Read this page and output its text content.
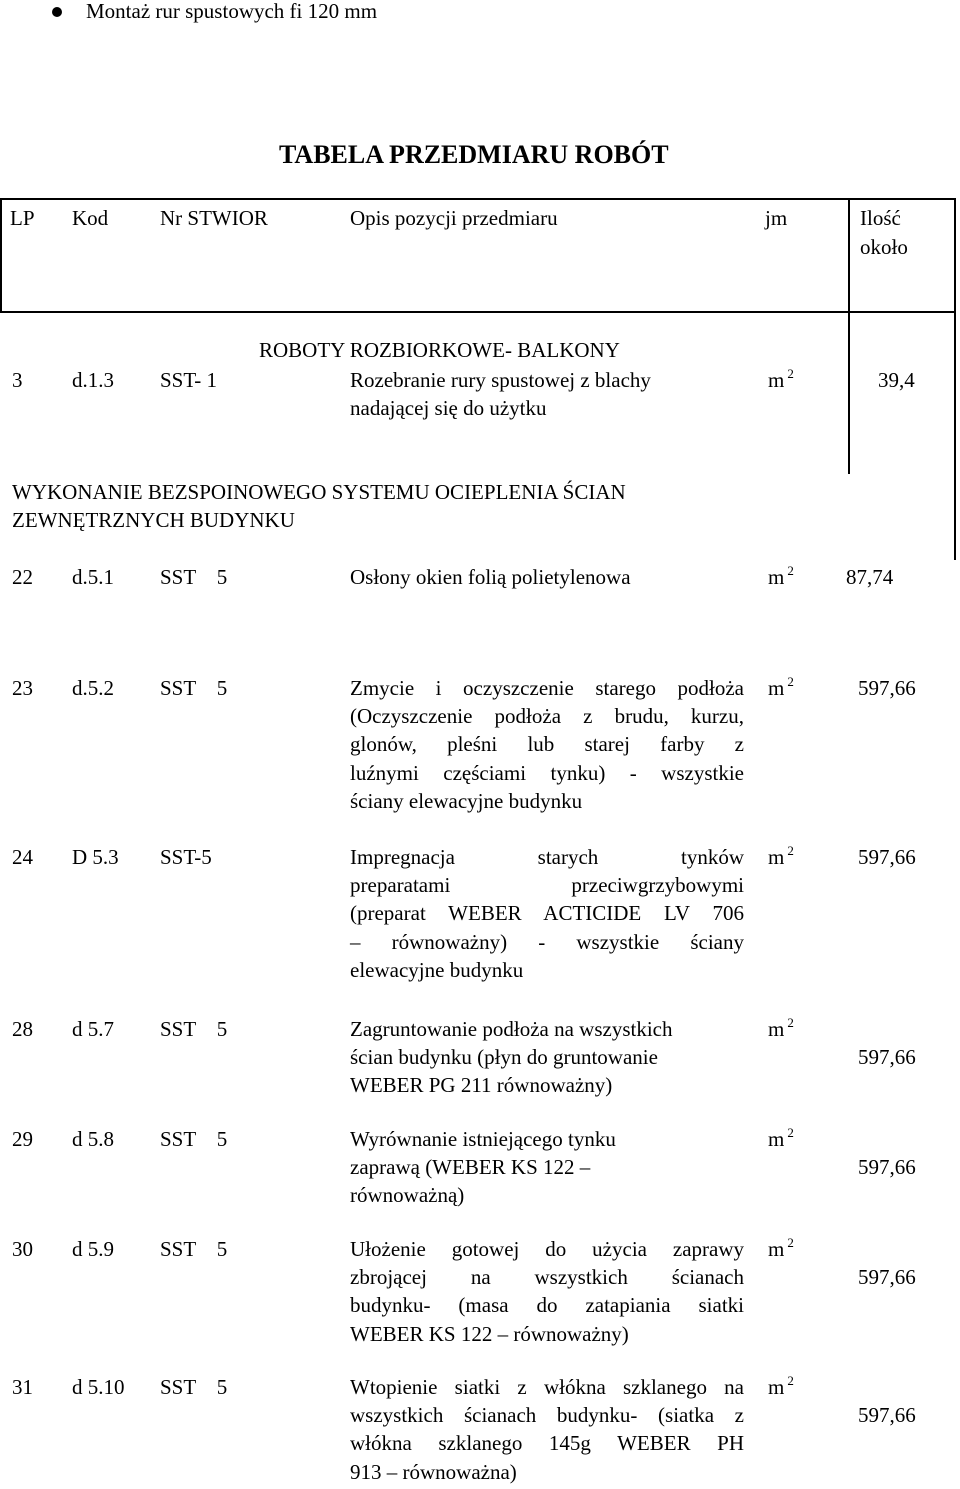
Montaż rur spustowych fi 120 mm
TABELA PRZEDMIARU ROBÓT
LP Kod Nr STWIOR	Opis pozycji przedmiaru	jm	Ilość
około
ROBOTY ROZBIORKOWE- BALKONY
3 d.1.3 SST- 1	Rozebranie rury spustowej z blachy
nadającej się do użytku
m $^2$	39,4
WYKONANIE BEZSPOINOWEGO SYSTEMU OCIEPLENIA ŚCIAN
ZEWNĘTRZNYCH BUDYNKU
22 d.5.1 SST    5	Osłony okien folią polietylenowa	m $^2$ 87,74
23 d.5.2 SST    5	Zmycie i oczyszczenie starego podłoża
(Oczyszczenie podłoża z brudu, kurzu,
glonów, pleśni lub starej farby z
luźnymi częściami tynku) - wszystkie
ściany elewacyjne budynku
m $^2$	597,66
24 D 5.3 SST-5	Impregnacja starych tynków
preparatami przeciwgrzybowymi
(preparat WEBER ACTICIDE LV 706
– równoważny) - wszystkie ściany
elewacyjne budynku
m $^2$	597,66
28 d 5.7 SST    5	Zagruntowanie podłoża na wszystkich
ścian budynku (płyn do gruntowanie
WEBER PG 211 równoważny)
m $^2$
597,66
29 d 5.8 SST    5	Wyrównanie istniejącego tynku
zaprawą (WEBER KS 122 –
równoważną)
m $^2$
597,66
30 d 5.9 SST    5	Ułożenie gotowej do użycia zaprawy
zbrojącej na wszystkich ścianach
budynku- (masa do zatapiania siatki
WEBER KS 122 – równoważny)
m $^2$
597,66
31 d 5.10 SST    5	Wtopienie siatki z włókna szklanego na
wszystkich ścianach budynku- (siatka z
włókna szklanego 145g WEBER PH
913 – równoważna)
m $^2$
597,66
